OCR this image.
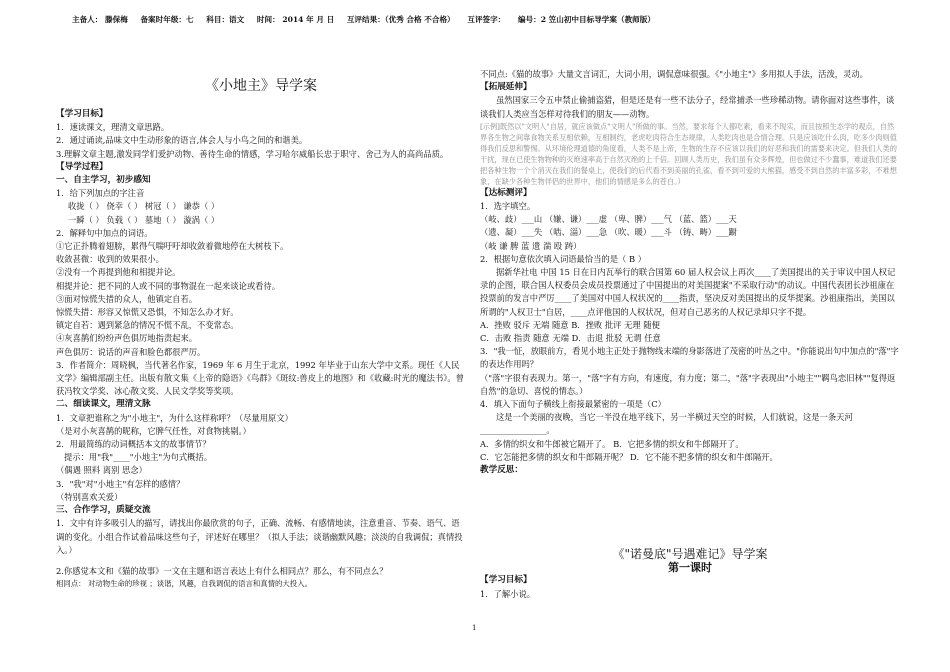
主备人： 滕保梅 备案时年级：七 科目：语文 时间： 2014 年 月 日 互评结果：（优秀 合格 不合格） 互评签字： 编号：2 笠山初中目标导学案（教师版）

《小地主》导学案

【学习目标】

1．速读课文，理清文章思路。

2．通过诵读,品味文中生动形象的语言,体会人与小鸟之间的和谐美。

3.理解文章主题,激发同学们爱护动物、善待生命的情感，学习哈尔威船长忠于职守、舍己为人的高尚品质。

【导学过程】

一、自主学习，初步感知

1．给下列加点的字注音

收拢（ ） 侥幸（ ） 树冠（ ） 谦恭（ ）

一瞬（ ） 负载（ ） 墓地（ ） 漩涡（ ）

2．解释句中加点的词语。

①它正扑腾着翅膀，累得气喘吁吁却收敛着微地停在大树枝下。

收敛甚微：收到的效果很小。

②没有一个再提到他和相提并论。

相提并论：把不同的人或不同的事物混在一起来谈论或看待。

③面对惊慌失措的众人，他镇定自若。

惊慌失措：形容又惊慌又恐惧，不知怎么办才好。

镇定自若：遇到紧急的情况不慌不乱，不变常态。

④灰喜鹊们纷纷声色俱厉地指责起来。

声色俱厉：说话的声音和脸色都很严厉。

3．作者简介：周晓枫，当代著名作家，1969 年 6 月生于北京，1992 年毕业于山东大学中文系。现任《人民文学》编辑部副主任。出版有散文集《上帝的隐语》《鸟群》《斑纹:兽皮上的地图》和《收藏:时光的魔法书》。曾获冯牧文学奖、冰心散文奖、人民文学奖等奖项。

二、细读课文，理清文脉

1．文章把谁称之为"小地主"，为什么这样称呼？（尽量用原文）

（是对小灰喜鹊的昵称，它脾气任性，对食物挑剔。）

2．用最简练的动词概括本文的故事情节？

提示：用"我"____"小地主"为句式概括。

（偶遇 照料 离别 思念）

3．"我"对"小地主"有怎样的感情？

（特别喜欢关爱）

三、合作学习，质疑交流

1．文中有许多吸引人的描写，请找出你最欣赏的句子，正确、流畅、有感情地读，注意重音、节奏、语气、语调的变化。小组合作试着品味这些句子，评述好在哪里？（拟人手法；谈谐幽默风趣；淡淡的自我调侃；真情投入。）

2.你感觉本文和《猫的故事》一文在主题和语言表达上有什么相同点？那么，有不同点么？

相同点： 对动物生命的珍视 ；谈谐，风趣，自我调侃的语言和真情的大投入。

不同点:《猫的故事》大量文言词汇，大词小用，调侃意味很强。《"小地主"》多用拟人手法，活泼，灵动。

【拓展延伸】

虽然国家三令五申禁止偷捕盗猎，但是还是有一些不法分子，经常捕杀一些珍稀动物。请你面对这些事件，谈谈我们人类应当怎样对待我们的朋友——动物。

[示例]既然以"文明人"自居，就应该做点"文明人"所做的事。当然，要求每个人都吃素，看来不现实，而且按照生态学的观点，自然界各生物之间靠食物关系互相依赖，互相制约，老虎吃肉符合生态规律，人类吃肉也是合情合理。只是应该吃什么肉，吃多少肉则值得我们反思和警惕。从环境伦理道德的角度看，人类不是上帝，生物的生存不应该以我们的好恶和我们的需要来决定。但我们人类的干扰，现在已使生物物种的灭绝速率高于自然灭绝的上千倍。回顾人类历史，我们虽有众多辉煌，但也做过不少蠢事，难道我们还要把各种生物一个个消灭在我们的餐桌上，使我们的后代看不到美丽的孔雀，看不到可爱的大熊猫，感受不到自然的丰富多彩，不难想象，在缺少各种生物伴侣的世界中，他们的情感是多么的苍白。）

【达标测评】

1．选字填空。

（岐、歧）___山 （嫌、谦）___虚 （卑、脾）___气 （蓝、篮）___天

（遗、凝）___失 （啮、淄）___急 （吹、暖）___斗 （铸、畴）___蹰

（岐 谦 脾 蓝 遗 湍 殴 踌）

2．根据句意依次填入词语最恰当的是（ B ）

据新华社电 中国 15 日在日内瓦举行的联合国第 60 届人权会议上再次____了美国提出的关于审议中国人权记录的企图，联合国人权委员会成员投票通过了中国提出的对美国提案"不采取行动"的动议。中国代表团长沙祖康在投票前的发言中严厉____了美国对中国人权状况的____指责，坚决反对美国提出的反华提案。沙祖康指出，美国以所谓的"人权卫士"自居，____点评他国的人权状况，但对自己恶劣的人权记录却只字不提。

A．挫败 驳斥 无端 随意 B．挫败 批评 无理 随便

C．击败 指责 随意 无端 D．击退 批驳 无谓 任意

3．"我一怔，放眼前方，看见小地主正处于抛物线末端的身影落进了茂密的叶丛之中。"你能说出句中加点的"落"字的表达作用吗？

（"落"字很有表现力。第一，"落"字有方向，有速度，有力度；第二，"落"字表现出"小地主""羁鸟恋旧林""复得返自然"的急切、喜悦的情态。）

4．填入下面句子横线上衔接最紧密的一项是（C）

这是一个美丽的夜晚，当它一半没在地平线下，另一半横过天空的时候，人们就说，这是一条天河________________。

A．多情的织女和牛郎被它隔开了。 B．它把多情的织女和牛郎隔开了。

C．它怎能把多情的织女和牛郎隔开呢？ D．它不能不把多情的织女和牛郎隔开。

教学反思：

《"诺曼底"号遇难记》导学案

第一课时

【学习目标】

1．了解小说。

1
